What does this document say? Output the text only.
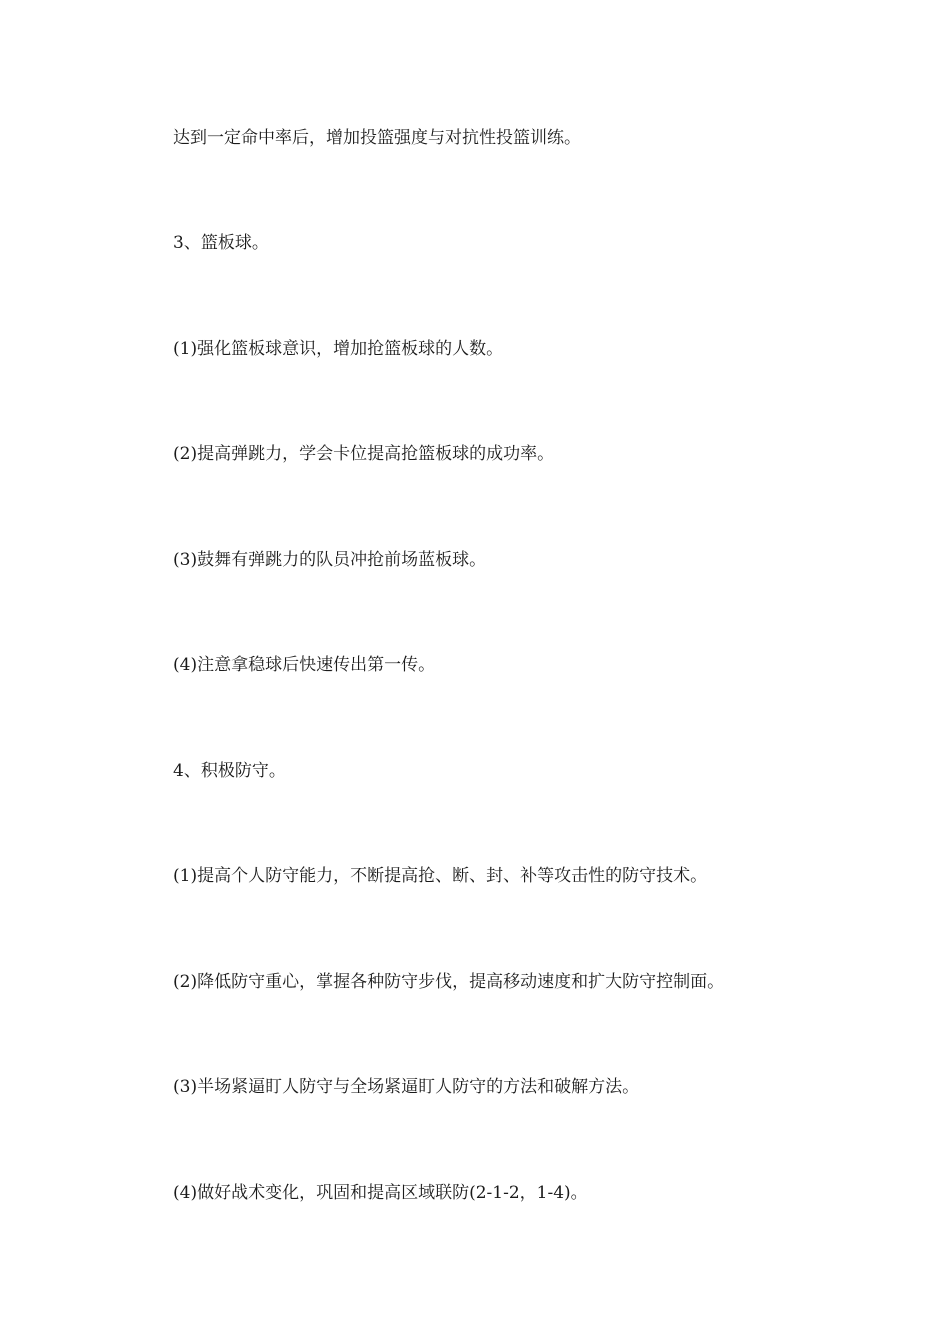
达到一定命中率后，增加投篮强度与对抗性投篮训练。
3、篮板球。
(1)强化篮板球意识，增加抢篮板球的人数。
(2)提高弹跳力，学会卡位提高抢篮板球的成功率。
(3)鼓舞有弹跳力的队员冲抢前场蓝板球。
(4)注意拿稳球后快速传出第一传。
4、积极防守。
(1)提高个人防守能力，不断提高抢、断、封、补等攻击性的防守技术。
(2)降低防守重心，掌握各种防守步伐，提高移动速度和扩大防守控制面。
(3)半场紧逼盯人防守与全场紧逼盯人防守的方法和破解方法。
(4)做好战术变化，巩固和提高区域联防(2-1-2，1-4)。
